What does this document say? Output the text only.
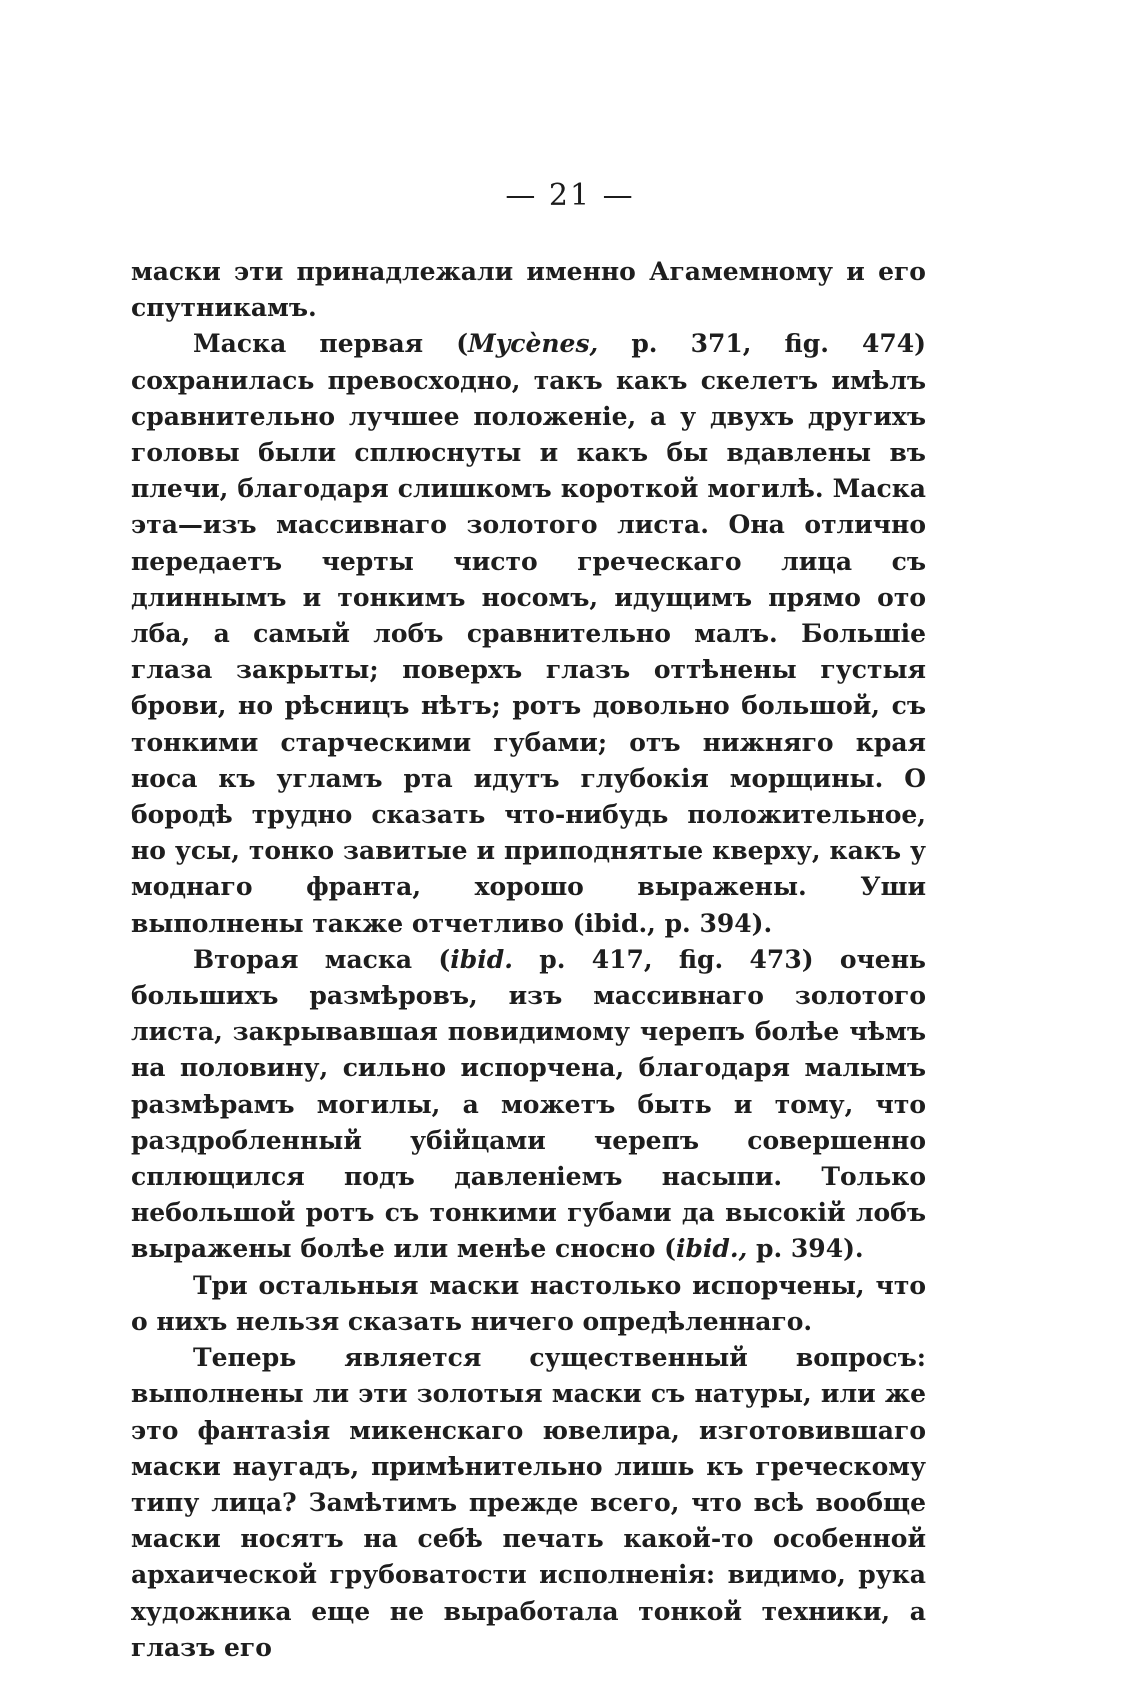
— 21 —

маски эти принадлежали именно Агамемному и его спутникамъ.

Маска первая (Mycènes, p. 371, fig. 474) сохранилась превосходно, такъ какъ скелетъ имѣлъ сравнительно лучшее положеніе, а у двухъ другихъ головы были сплюснуты и какъ бы вдавлены въ плечи, благодаря слишкомъ короткой могилѣ. Маска эта—изъ массивнаго золотого листа. Она отлично передаетъ черты чисто греческаго лица съ длиннымъ и тонкимъ носомъ, идущимъ прямо ото лба, а самый лобъ сравнительно малъ. Большіе глаза закрыты; поверхъ глазъ оттѣнены густыя брови, но рѣсницъ нѣтъ; ротъ довольно большой, съ тонкими старческими губами; отъ нижняго края носа къ угламъ рта идутъ глубокія морщины. О бородѣ трудно сказать что-нибудь положительное, но усы, тонко завитые и приподнятые кверху, какъ у моднаго франта, хорошо выражены. Уши выполнены также отчетливо (ibid., p. 394).

Вторая маска (ibid. p. 417, fig. 473) очень большихъ размѣровъ, изъ массивнаго золотого листа, закрывавшая повидимому черепъ болѣе чѣмъ на половину, сильно испорчена, благодаря малымъ размѣрамъ могилы, а можетъ быть и тому, что раздробленный убійцами черепъ совершенно сплющился подъ давленіемъ насыпи. Только небольшой ротъ съ тонкими губами да высокій лобъ выражены болѣе или менѣе сносно (ibid., p. 394).

Три остальныя маски настолько испорчены, что о нихъ нельзя сказать ничего опредѣленнаго.

Теперь является существенный вопросъ: выполнены ли эти золотыя маски съ натуры, или же это фантазія микенскаго ювелира, изготовившаго маски наугадъ, примѣнительно лишь къ греческому типу лица? Замѣтимъ прежде всего, что всѣ вообще маски носятъ на себѣ печать какой-то особенной архаической грубоватости исполненія: видимо, рука художника еще не выработала тонкой техники, а глазъ его
